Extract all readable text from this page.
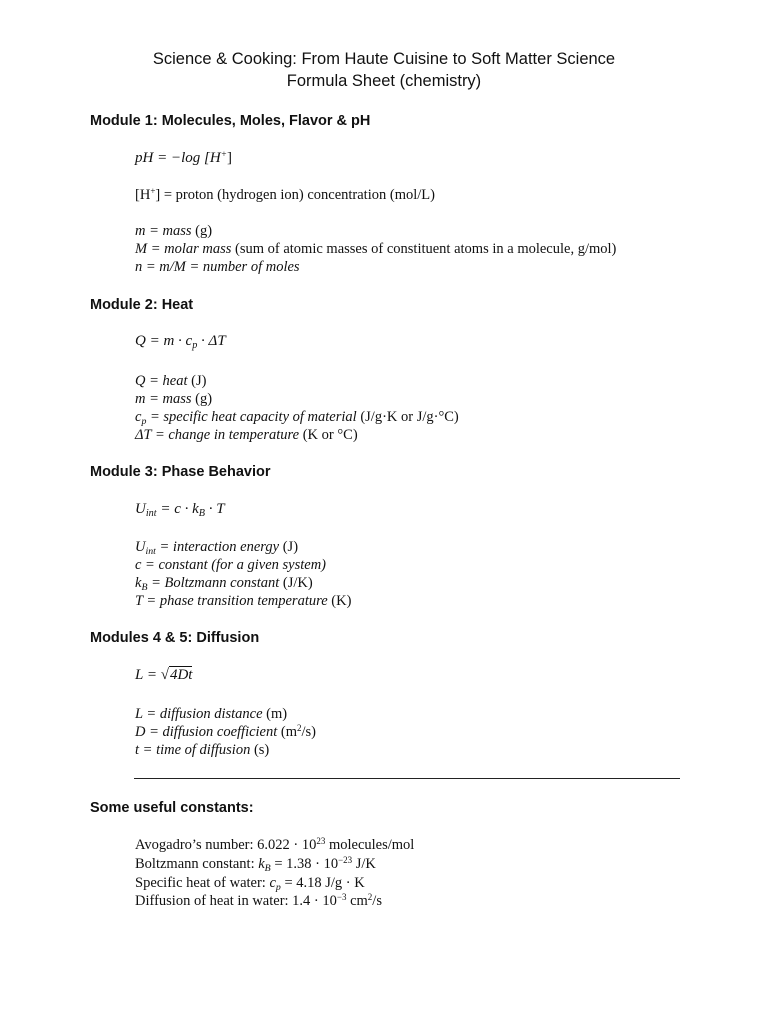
Science & Cooking: From Haute Cuisine to Soft Matter Science
Formula Sheet (chemistry)
Module 1: Molecules, Moles, Flavor & pH
pH = −log [H+]
[H+] = proton (hydrogen ion) concentration (mol/L)
m = mass (g)
M = molar mass (sum of atomic masses of constituent atoms in a molecule, g/mol)
n = m/M = number of moles
Module 2: Heat
$Q = m \cdot c_p \cdot \Delta T$
Q = heat (J)
m = mass (g)
$c_p$ = specific heat capacity of material (J/g·K or J/g·°C)
ΔT = change in temperature (K or °C)
Module 3: Phase Behavior
$U_{int} = c \cdot k_B \cdot T$
$U_{int}$ = interaction energy (J)
c = constant (for a given system)
$k_B$ = Boltzmann constant (J/K)
T = phase transition temperature (K)
Modules 4 & 5: Diffusion
L = √4Dt
L = diffusion distance (m)
D = diffusion coefficient $(m^2/s)$
t = time of diffusion (s)
Some useful constants:
Avogadro’s number: $6.022 \cdot 10^{23}$ molecules/mol
Boltzmann constant: $k_B = 1.38 \cdot 10^{-23}$ J/K
Specific heat of water: $c_p = 4.18$ J/g · K
Diffusion of heat in water: $1.4 \cdot 10^{-3}$ $cm^2/s$
